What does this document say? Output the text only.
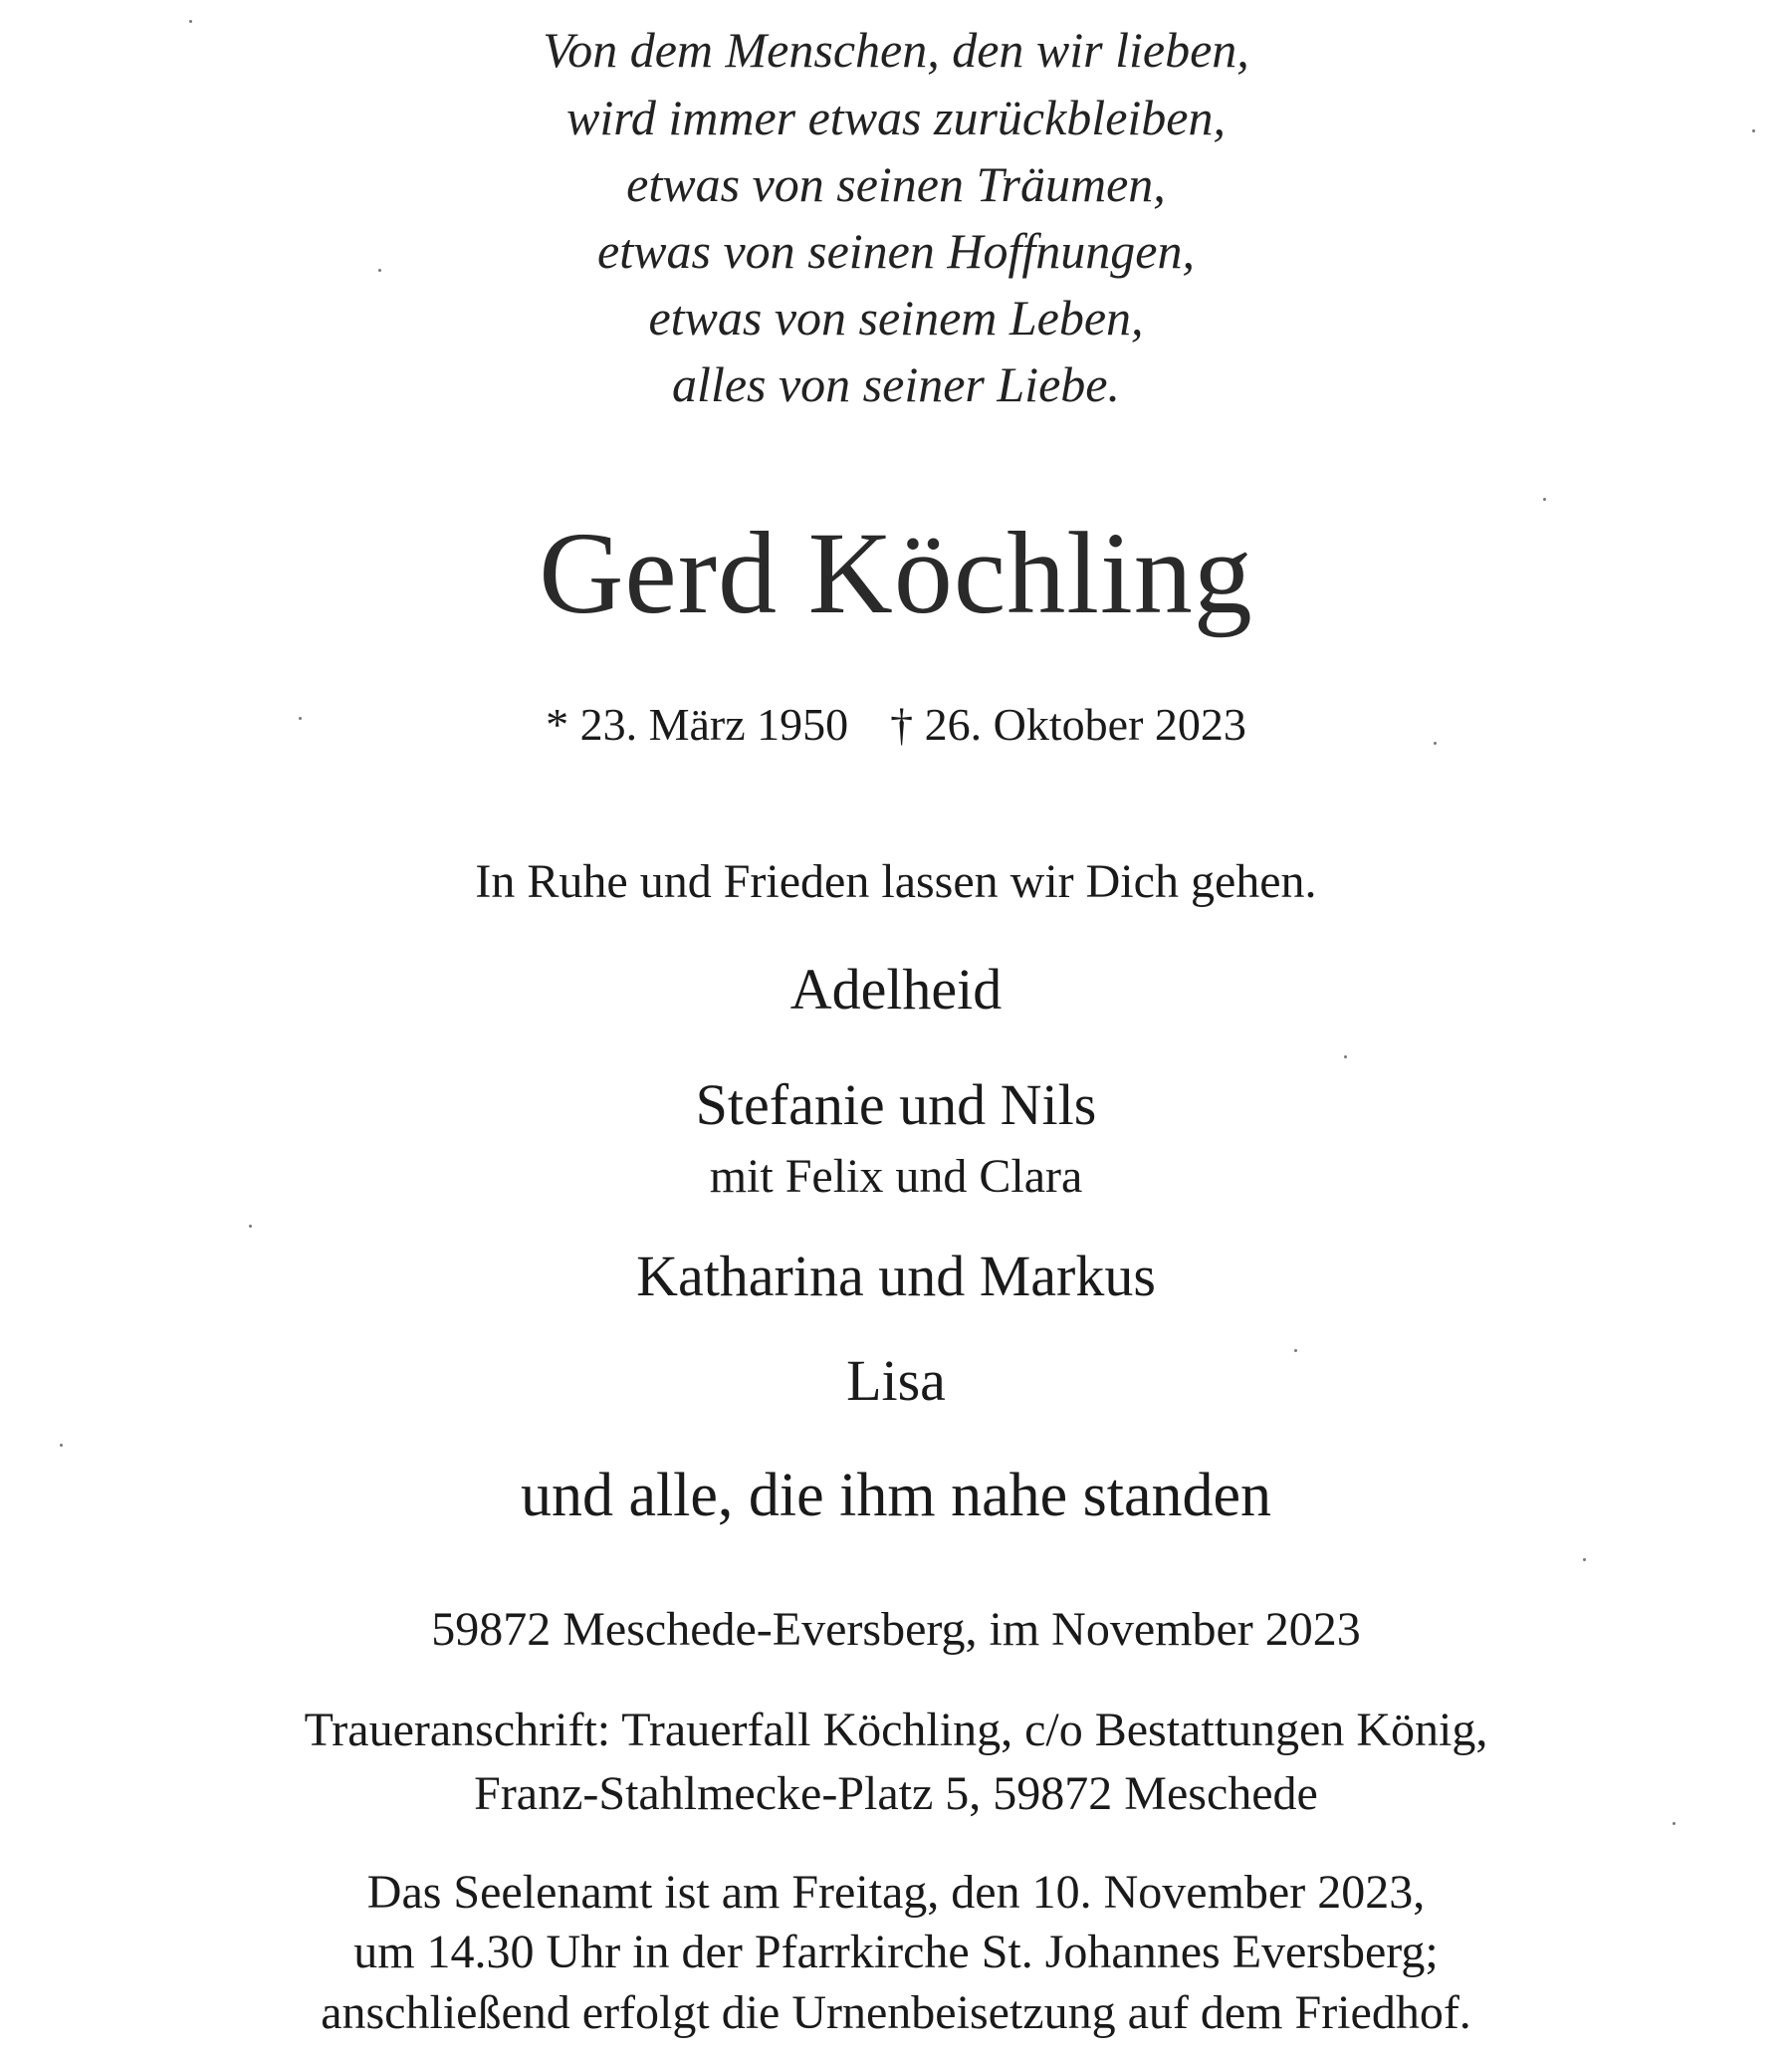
Von dem Menschen, den wir lieben,
wird immer etwas zurückbleiben,
etwas von seinen Träumen,
etwas von seinen Hoffnungen,
etwas von seinem Leben,
alles von seiner Liebe.
Gerd Köchling
* 23. März 1950 † 26. Oktober 2023
In Ruhe und Frieden lassen wir Dich gehen.
Adelheid
Stefanie und Nils
mit Felix und Clara
Katharina und Markus
Lisa
und alle, die ihm nahe standen
59872 Meschede-Eversberg, im November 2023
Traueranschrift: Trauerfall Köchling, c/o Bestattungen König,
Franz-Stahlmecke-Platz 5, 59872 Meschede
Das Seelenamt ist am Freitag, den 10. November 2023,
um 14.30 Uhr in der Pfarrkirche St. Johannes Eversberg;
anschließend erfolgt die Urnenbeisetzung auf dem Friedhof.
